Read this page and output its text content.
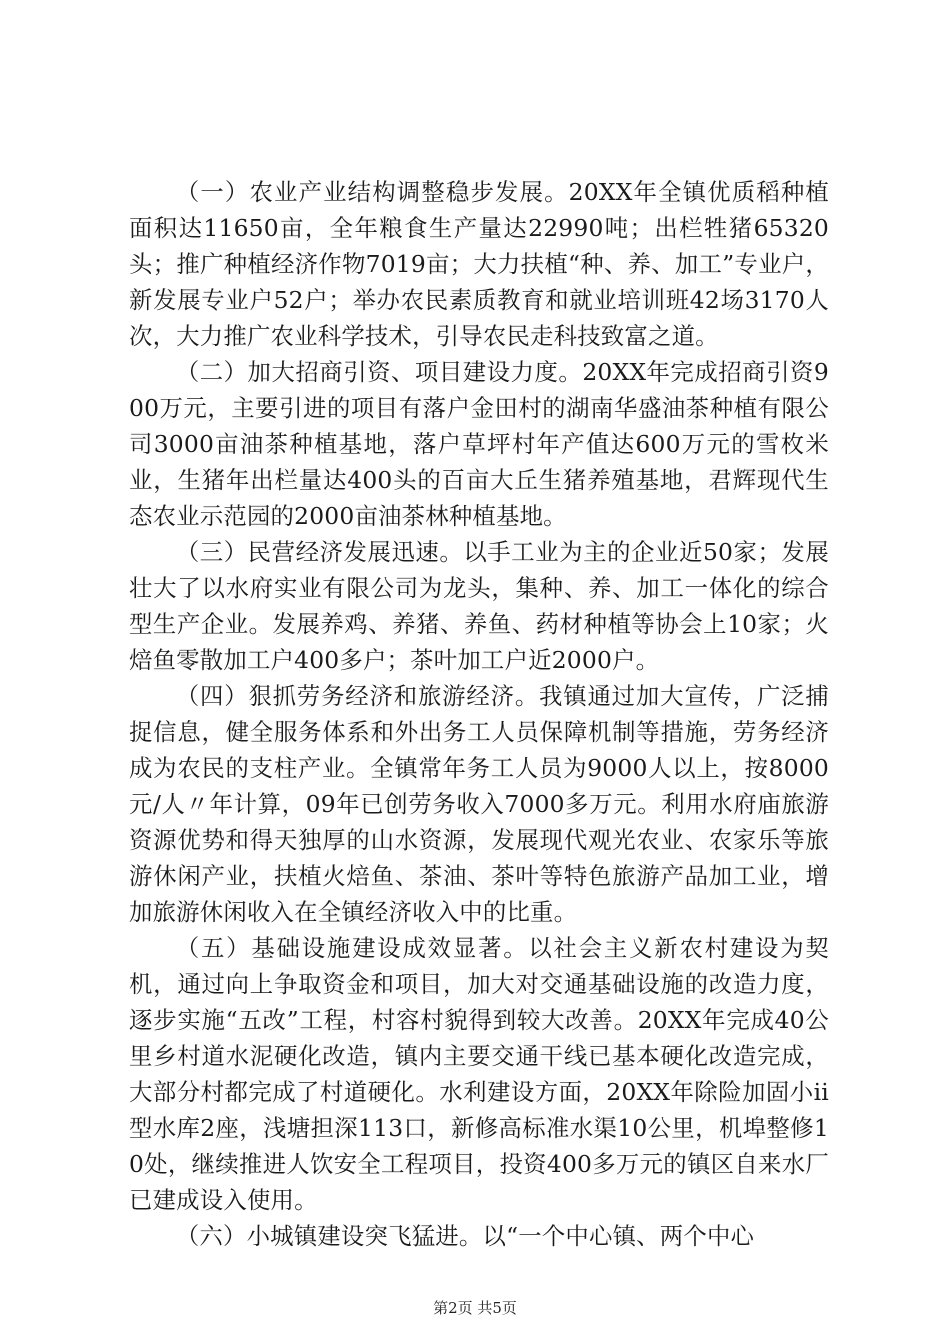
（一）农业产业结构调整稳步发展。20XX年全镇优质稻种植面积达11650亩，全年粮食生产量达22990吨；出栏牲猪65320头；推广种植经济作物7019亩；大力扶植“种、养、加工”专业户，新发展专业户52户；举办农民素质教育和就业培训班42场3170人次，大力推广农业科学技术，引导农民走科技致富之道。

（二）加大招商引资、项目建设力度。20XX年完成招商引资900万元，主要引进的项目有落户金田村的湖南华盛油茶种植有限公司3000亩油茶种植基地，落户草坪村年产值达600万元的雪枚米业，生猪年出栏量达400头的百亩大丘生猪养殖基地，君辉现代生态农业示范园的2000亩油茶林种植基地。

（三）民营经济发展迅速。以手工业为主的企业近50家；发展壮大了以水府实业有限公司为龙头，集种、养、加工一体化的综合型生产企业。发展养鸡、养猪、养鱼、药材种植等协会上10家；火焙鱼零散加工户400多户；茶叶加工户近2000户。

（四）狠抓劳务经济和旅游经济。我镇通过加大宣传，广泛捕捉信息，健全服务体系和外出务工人员保障机制等措施，劳务经济成为农民的支柱产业。全镇常年务工人员为9000人以上，按8000元/人〃年计算，09年已创劳务收入7000多万元。利用水府庙旅游资源优势和得天独厚的山水资源，发展现代观光农业、农家乐等旅游休闲产业，扶植火焙鱼、茶油、茶叶等特色旅游产品加工业，增加旅游休闲收入在全镇经济收入中的比重。

（五）基础设施建设成效显著。以社会主义新农村建设为契机，通过向上争取资金和项目，加大对交通基础设施的改造力度，逐步实施“五改”工程，村容村貌得到较大改善。20XX年完成40公里乡村道水泥硬化改造，镇内主要交通干线已基本硬化改造完成，大部分村都完成了村道硬化。水利建设方面，20XX年除险加固小ii型水库2座，浅塘担深113口，新修高标准水渠10公里，机埠整修10处，继续推进人饮安全工程项目，投资400多万元的镇区自来水厂已建成设入使用。

（六）小城镇建设突飞猛进。以“一个中心镇、两个中心

第2页 共5页
